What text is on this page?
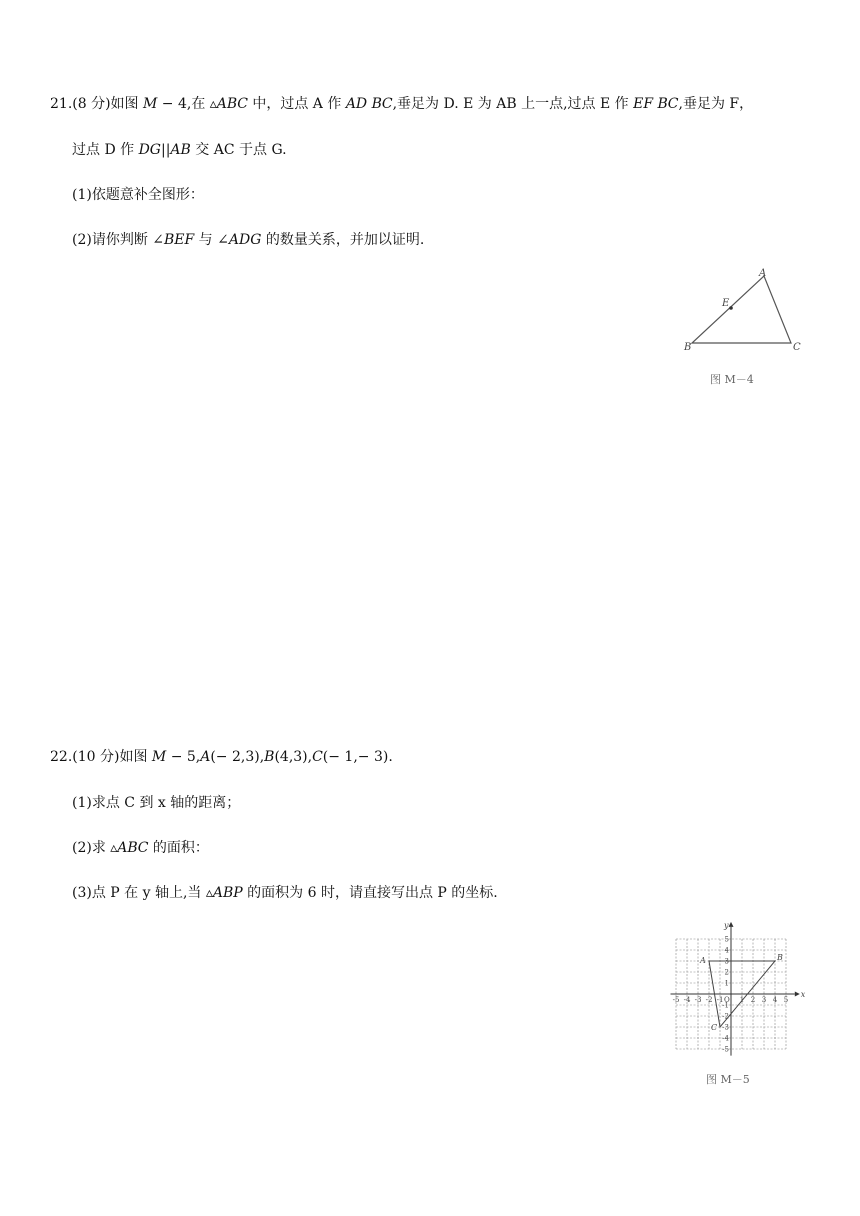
21.(8 分)如图 𝑀 − 4,在 ▵𝐴𝐵𝐶 中，过点 A 作 𝐴𝐷 𝐵𝐶,垂足为 D. E 为 AB 上一点,过点 E 作 𝐸𝐹 𝐵𝐶,垂足为 F，
过点 D 作 𝐷𝐺||𝐴𝐵 交 AC 于点 G.
(1)依题意补全图形：
(2)请你判断 ∠𝐵𝐸𝐹 与 ∠𝐴𝐷𝐺 的数量关系，并加以证明.
A
E
B	C
图 M－4
22.(10 分)如图 𝑀 − 5,𝐴(− 2,3),𝐵(4,3),𝐶(− 1,− 3).
(1)求点 C 到 x 轴的距离；
(2)求 ▵𝐴𝐵𝐶 的面积：
(3)点 P 在 y 轴上,当 ▵𝐴𝐵𝑃 的面积为 6 时，请直接写出点 P 的坐标.
x
y
O
-5 -4 -3 -2 -1 1 2 3 4 5
5
4
3
2
1
-1
-2
-3
-4
-5
A	B
C
图 M－5
